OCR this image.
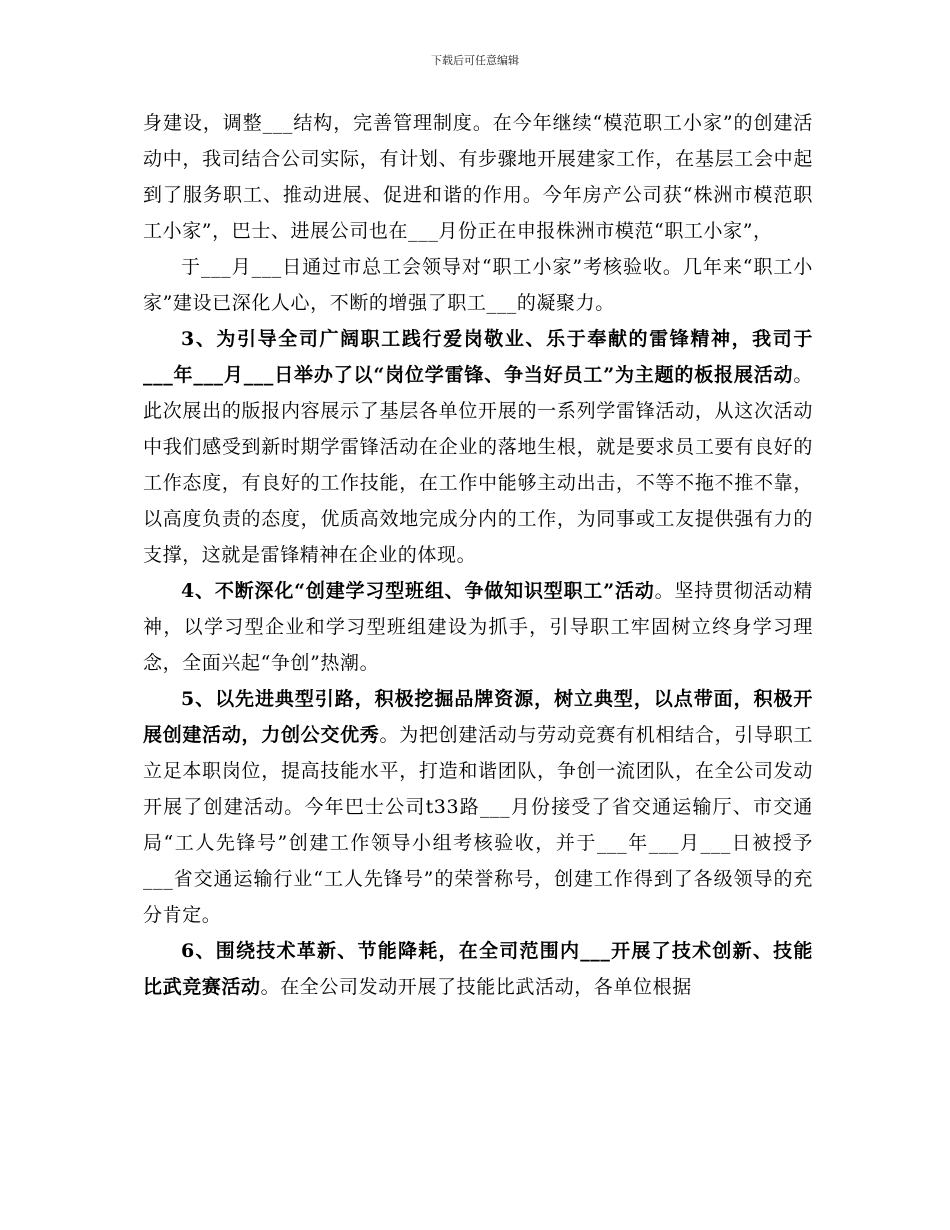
下载后可任意编辑

身建设，调整___结构，完善管理制度。在今年继续“模范职工小家”的创建活动中，我司结合公司实际，有计划、有步骤地开展建家工作，在基层工会中起到了服务职工、推动进展、促进和谐的作用。今年房产公司获“株洲市模范职工小家”，巴士、进展公司也在___月份正在申报株洲市模范“职工小家”，

于___月___日通过市总工会领导对“职工小家”考核验收。几年来“职工小家”建设已深化人心，不断的增强了职工___的凝聚力。

3、为引导全司广阔职工践行爱岗敬业、乐于奉献的雷锋精神，我司于___年___月___日举办了以“岗位学雷锋、争当好员工”为主题的板报展活动。此次展出的版报内容展示了基层各单位开展的一系列学雷锋活动，从这次活动中我们感受到新时期学雷锋活动在企业的落地生根，就是要求员工要有良好的工作态度，有良好的工作技能，在工作中能够主动出击，不等不拖不推不靠，以高度负责的态度，优质高效地完成分内的工作，为同事或工友提供强有力的支撑，这就是雷锋精神在企业的体现。

4、不断深化“创建学习型班组、争做知识型职工”活动。坚持贯彻活动精神，以学习型企业和学习型班组建设为抓手，引导职工牢固树立终身学习理念，全面兴起“争创”热潮。

5、以先进典型引路，积极挖掘品牌资源，树立典型，以点带面，积极开展创建活动，力创公交优秀。为把创建活动与劳动竞赛有机相结合，引导职工立足本职岗位，提高技能水平，打造和谐团队，争创一流团队，在全公司发动开展了创建活动。今年巴士公司t33路___月份接受了省交通运输厅、市交通局“工人先锋号”创建工作领导小组考核验收，并于___年___月___日被授予___省交通运输行业“工人先锋号”的荣誉称号，创建工作得到了各级领导的充分肯定。

6、围绕技术革新、节能降耗，在全司范围内___开展了技术创新、技能比武竞赛活动。在全公司发动开展了技能比武活动，各单位根据
